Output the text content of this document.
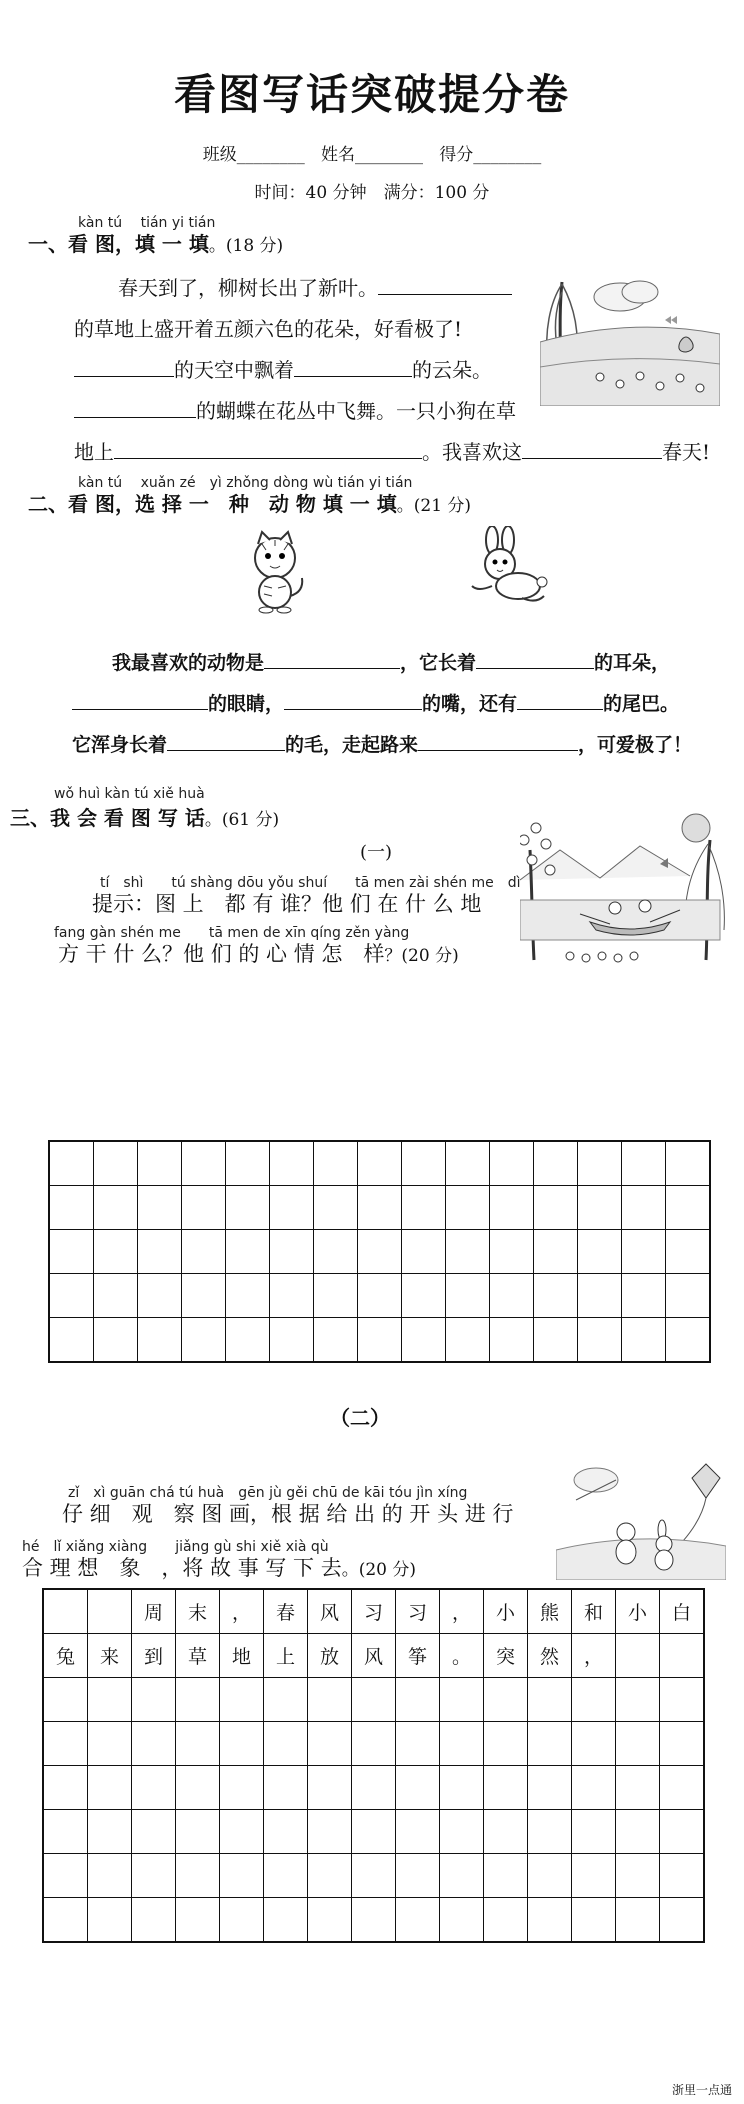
看图写话突破提分卷
班级________ 姓名________ 得分________
时间：40 分钟　满分：100 分
kàn tú　 tián yi tián
一、看 图，填 一 填。(18 分)
春天到了，柳树长出了新叶。
的草地上盛开着五颜六色的花朵，好看极了!
的天空中飘着	的云朵。
的蝴蝶在花丛中飞舞。一只小狗在草
地上	。我喜欢这	春天!
kàn tú　 xuǎn zé　yì zhǒng dòng wù tián yi tián
二、看 图，选 择 一　种　动 物 填 一 填。(21 分)
我最喜欢的动物是	，它长着	的耳朵，
的眼睛，	的嘴，还有	的尾巴。
它浑身长着	的毛，走起路来	，可爱极了！
wǒ huì kàn tú xiě huà
三、我 会 看 图 写 话。(61 分)
(一)
tí　shì　　tú shàng dōu yǒu shuí　　tā men zài shén me　dì
提示：图 上　都 有 谁？他 们 在 什 么 地
fang gàn shén me　　tā men de xīn qíng zěn yàng
方 干 什 么？他 们 的 心 情 怎　样？(20 分)

（二）
zǐ　xì guān chá tú huà　gēn jù gěi chū de kāi tóu jìn xíng
仔 细　观　察 图 画，根 据 给 出 的 开 头 进 行
hé　lǐ xiǎng xiàng　　jiǎng gù shi xiě xià qù
合 理 想　象　，将 故 事 写 下 去。(20 分)
		周	末	，	春	风	习	习	，	小	熊	和	小	白
兔	来	到	草	地	上	放	风	筝	。	突	然	，		

浙里一点通
